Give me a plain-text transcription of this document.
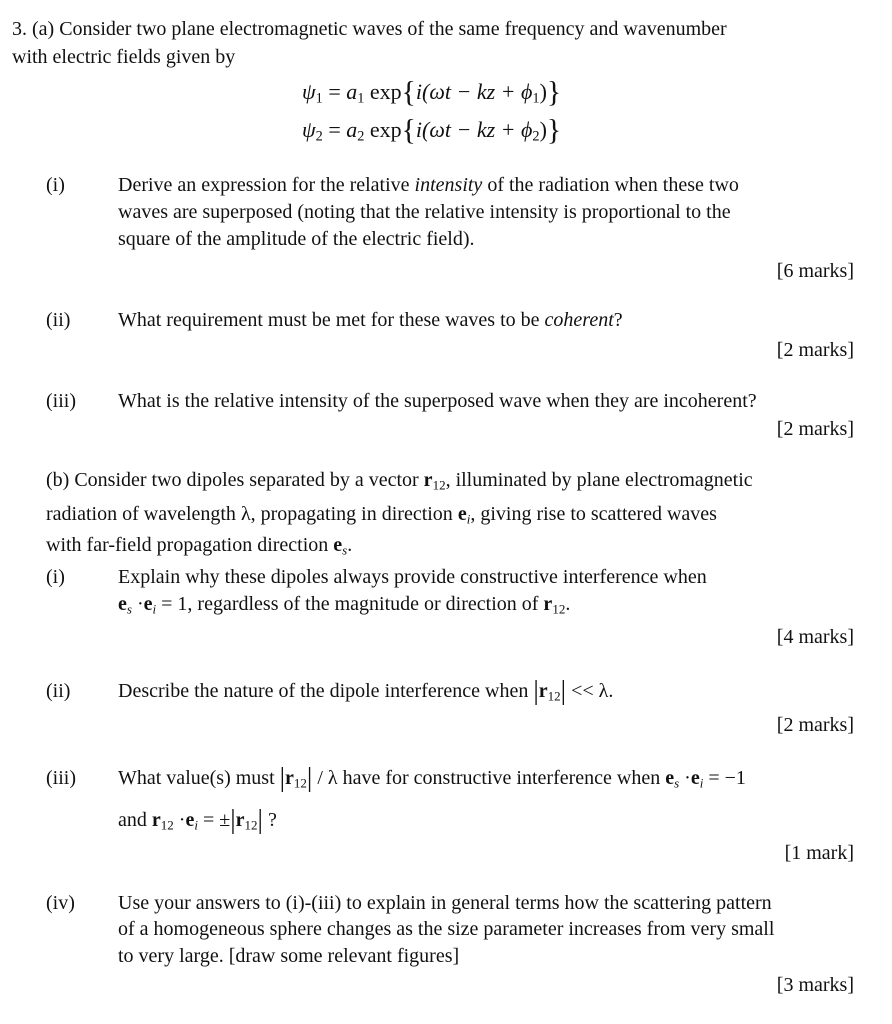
3. (a) Consider two plane electromagnetic waves of the same frequency and wavenumber
with electric fields given by
$\psi_1 = a_1$ exp{i(ωt − kz + $\phi_1$)}
$\psi_2 = a_2$ exp{i(ωt − kz + $\phi_2$)}
(i)	Derive an expression for the relative intensity of the radiation when these two
waves are superposed (noting that the relative intensity is proportional to the
square of the amplitude of the electric field).
[6 marks]
(ii) What requirement must be met for these waves to be coherent?
[2 marks]
(iii) What is the relative intensity of the superposed wave when they are incoherent?
[2 marks]
(b) Consider two dipoles separated by a vector $r_{12}$, illuminated by plane electromagnetic
radiation of wavelength λ, propagating in direction $e_i$, giving rise to scattered waves
with far-field propagation direction $e_s$.
(i)	Explain why these dipoles always provide constructive interference when
$e_s \cdot e_i = 1$, regardless of the magnitude or direction of $r_{12}$.
[4 marks]
(ii) Describe the nature of the dipole interference when $|r_{12}| << \lambda$.
[2 marks]
(iii) What value(s) must $|r_{12}|$ / λ have for constructive interference when $e_s \cdot e_i = -1$
and $r_{12} \cdot e_i = \pm|r_{12}|$ ?
[1 mark]
(iv) Use your answers to (i)-(iii) to explain in general terms how the scattering pattern
of a homogeneous sphere changes as the size parameter increases from very small
to very large. [draw some relevant figures]
[3 marks]
